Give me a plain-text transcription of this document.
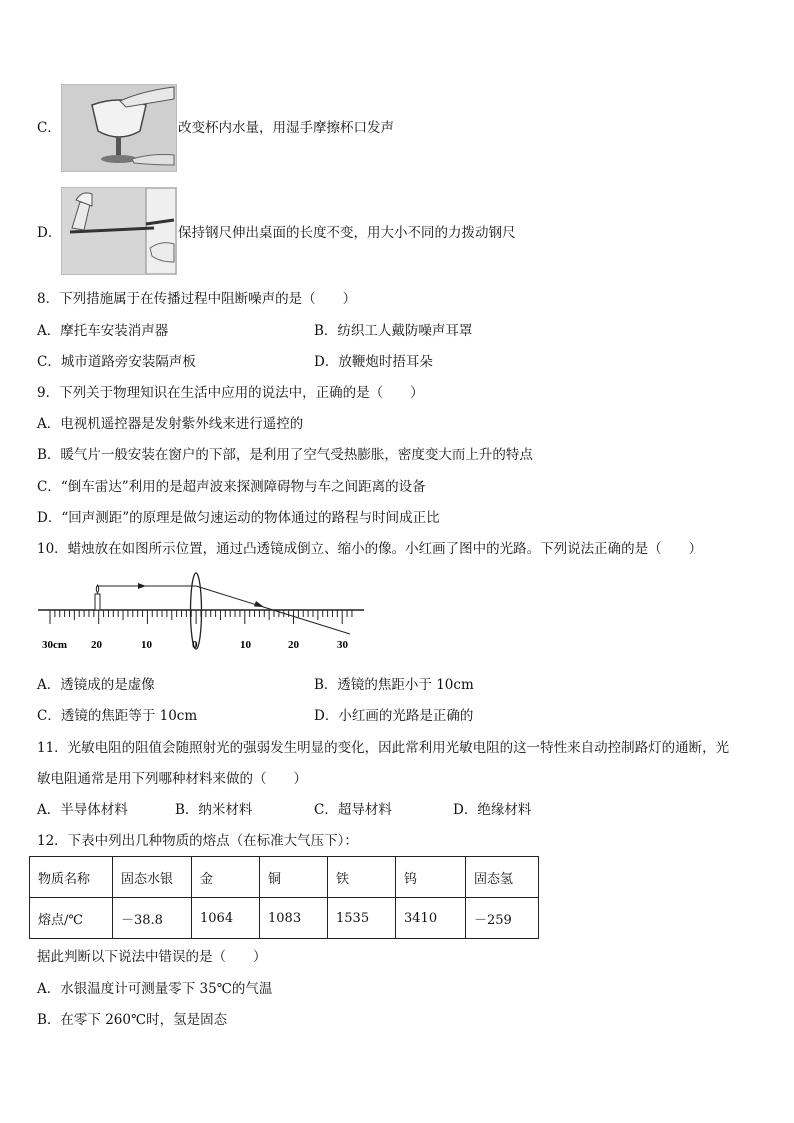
C．	改变杯内水量，用湿手摩擦杯口发声
D．	保持钢尺伸出桌面的长度不变，用大小不同的力拨动钢尺
8．下列措施属于在传播过程中阻断噪声的是（　　）
A．摩托车安装消声器	B．纺织工人戴防噪声耳罩
C．城市道路旁安装隔声板	D．放鞭炮时捂耳朵
9．下列关于物理知识在生活中应用的说法中，正确的是（　　）
A．电视机遥控器是发射紫外线来进行遥控的
B．暖气片一般安装在窗户的下部，是利用了空气受热膨胀，密度变大而上升的特点
C．“倒车雷达”利用的是超声波来探测障碍物与车之间距离的设备
D．“回声测距”的原理是做匀速运动的物体通过的路程与时间成正比
10．蜡烛放在如图所示位置，通过凸透镜成倒立、缩小的像。小红画了图中的光路。下列说法正确的是（　　）
30cm 20	10	0	10	20	30
A．透镜成的是虚像	B．透镜的焦距小于 10cm
C．透镜的焦距等于 10cm	D．小红画的光路是正确的
11．光敏电阻的阻值会随照射光的强弱发生明显的变化，因此常利用光敏电阻的这一特性来自动控制路灯的通断，光
敏电阻通常是用下列哪种材料来做的（　　）
A．半导体材料	B．纳米材料	C．超导材料	D．绝缘材料
12．下表中列出几种物质的熔点（在标准大气压下）：
物质名称	固态水银	金	铜	铁	钨	固态氢
熔点/℃	－38.8	1064	1083	1535	3410	－259
据此判断以下说法中错误的是（　　）
A．水银温度计可测量零下 35℃的气温
B．在零下 260℃时，氢是固态
